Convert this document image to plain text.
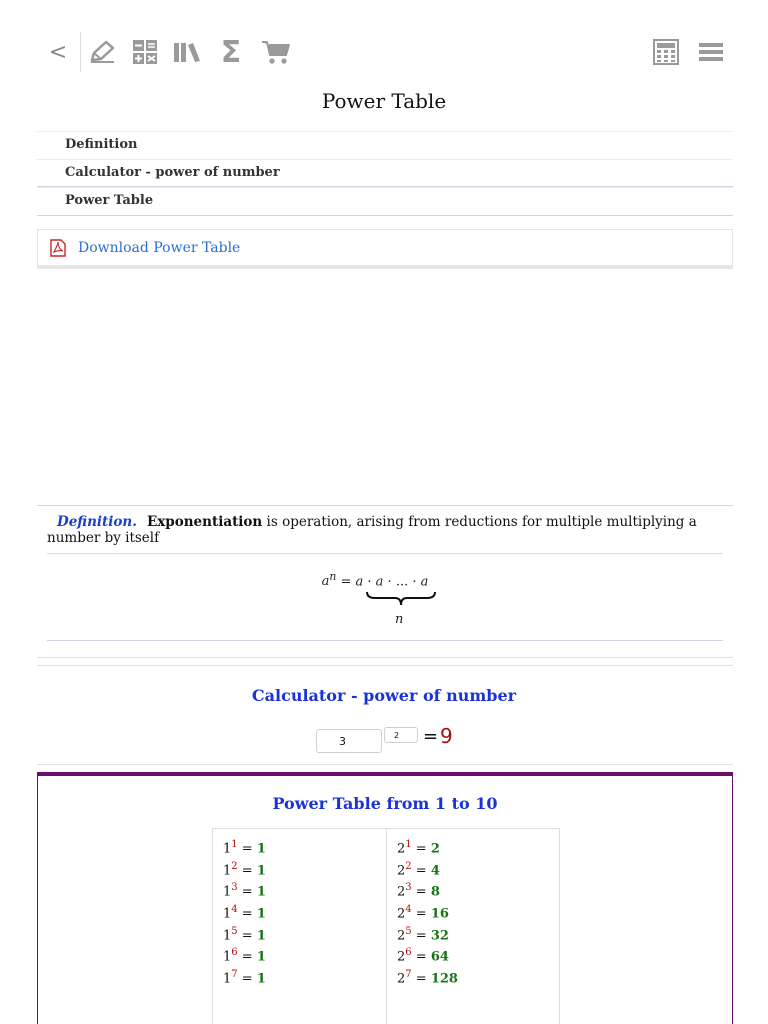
<	Σ
Power Table
Definition
Calculator - power of number
Power Table
Download Power Table
Definition. Exponentiation is operation, arising from reductions for multiple multiplying a number by itself
$a^n = a \cdot a$ · ... · a
n
Calculator - power of number
3
2
= 9
Power Table from 1 to 10
$1^1 = 1$
$1^2 = 1$
$1^3 = 1$
$1^4 = 1$
$1^5 = 1$
$1^6 = 1$
$1^7 = 1$
$2^1 = 2$
$2^2 = 4$
$2^3 = 8$
$2^4 = 16$
$2^5 = 32$
$2^6 = 64$
$2^7 = 128$
